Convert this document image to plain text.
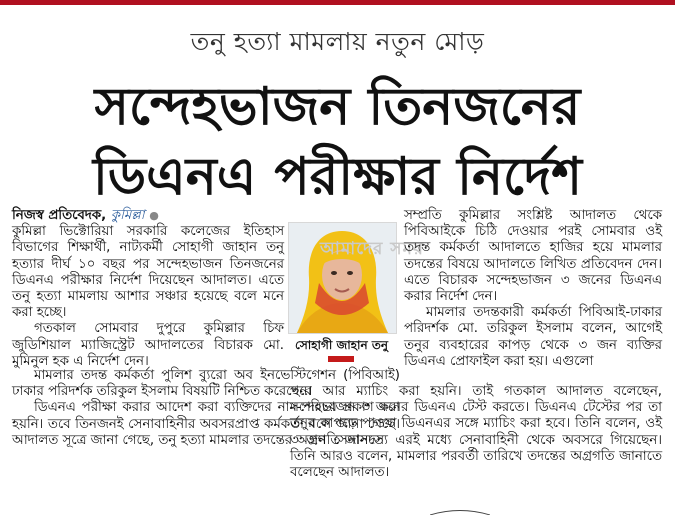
তনু হত্যা মামলায় নতুন মোড়
সন্দেহভাজন তিনজনের
ডিএনএ পরীক্ষার নির্দেশ
নিজস্ব প্রতিবেদক, কুমিল্লা ●

কুমিল্লা ভিক্টোরিয়া সরকারি কলেজের ইতিহাস বিভাগের শিক্ষার্থী, নাট্যকর্মী সোহাগী জাহান তনু হত্যার দীর্ঘ ১০ বছর পর সন্দেহভাজন তিনজনের ডিএনএ পরীক্ষার নির্দেশ দিয়েছেন আদালত। এতে তনু হত্যা মামলায় আশার সঞ্চার হয়েছে বলে মনে করা হচ্ছে।

গতকাল সোমবার দুপুরে কুমিল্লার চিফ জুডিশিয়াল ম্যাজিস্ট্রেট আদালতের বিচারক মো. মুমিনুল হক এ নির্দেশ দেন।

আমাদের সময়
সোহাগী জাহান তনু

মামলার তদন্ত কর্মকর্তা পুলিশ ব্যুরো অব ইনভেস্টিগেশন (পিবিআই) ঢাকার পরিদর্শক তরিকুল ইসলাম বিষয়টি নিশ্চিত করেছেন।

ডিএনএ পরীক্ষা করার আদেশ করা ব্যক্তিদের নাম-পরিচয় প্রকাশ করা হয়নি। তবে তিনজনই সেনাবাহিনীর অবসরপ্রাপ্ত কর্মকর্তা বলে জানা গেছে। আদালত সূত্রে জানা গেছে, তনু হত্যা মামলার তদন্তের অগ্রগতি জানতে

সম্প্রতি কুমিল্লার সংশ্লিষ্ট আদালত থেকে পিবিআইকে চিঠি দেওয়ার পরই সোমবার ওই তদন্ত কর্মকর্তা আদালতে হাজির হয়ে মামলার তদন্তের বিষয়ে আদালতে লিখিত প্রতিবেদন দেন। এতে বিচারক সন্দেহভাজন ৩ জনের ডিএনএ করার নির্দেশ দেন।

মামলার তদন্তকারী কর্মকর্তা পিবিআই-ঢাকার পরিদর্শক মো. তরিকুল ইসলাম বলেন, আগেই তনুর ব্যবহারের কাপড় থেকে ৩ জন ব্যক্তির ডিএনএ প্রোফাইল করা হয়। এগুলো

পরে আর ম্যাচিং করা হয়নি। তাই গতকাল আদালত বলেছেন, সন্দেহভাজন ৩ জনের ডিএনএ টেস্ট করতে। ডিএনএ টেস্টের পর তা তনুর কাপড়ে পাওয়া ডিএনএর সঙ্গে ম্যাচিং করা হবে। তিনি বলেন, ওই ৩ জন সেনাসদস্য এরই মধ্যে সেনাবাহিনী থেকে অবসরে গিয়েছেন। তিনি আরও বলেন, মামলার পরবর্তী তারিখে তদন্তের অগ্রগতি জানাতে বলেছেন আদালত।
